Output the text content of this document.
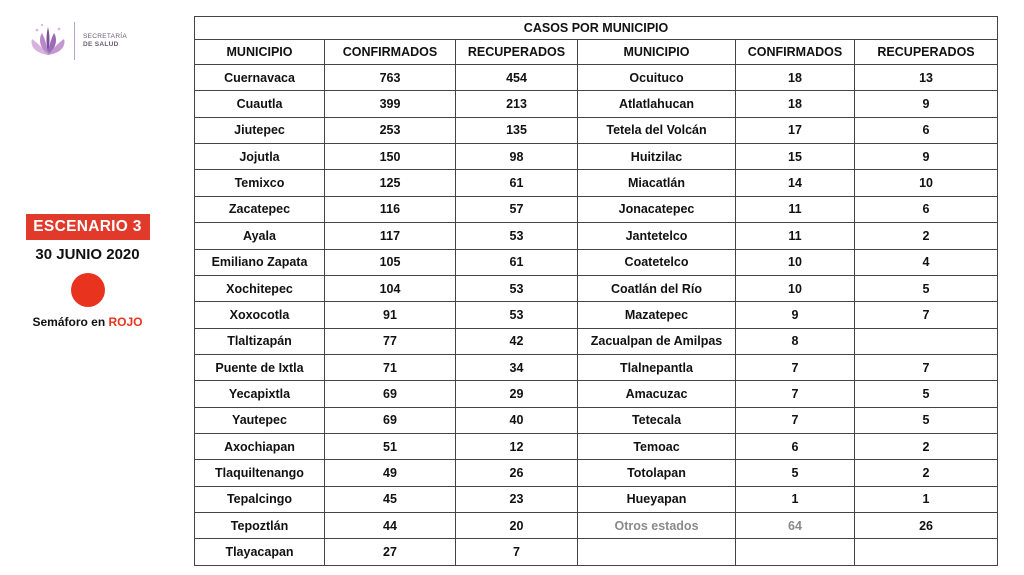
SECRETARÍA
DE SALUD
ESCENARIO 3
30 JUNIO 2020
Semáforo en ROJO
CASOS POR MUNICIPIO					
MUNICIPIO	CONFIRMADOS	RECUPERADOS	MUNICIPIO	CONFIRMADOS	RECUPERADOS
Cuernavaca	763	454	Ocuituco	18	13
Cuautla	399	213	Atlatlahucan	18	9
Jiutepec	253	135	Tetela del Volcán	17	6
Jojutla	150	98	Huitzilac	15	9
Temixco	125	61	Miacatlán	14	10
Zacatepec	116	57	Jonacatepec	11	6
Ayala	117	53	Jantetelco	11	2
Emiliano Zapata	105	61	Coatetelco	10	4
Xochitepec	104	53	Coatlán del Río	10	5
Xoxocotla	91	53	Mazatepec	9	7
Tlaltizapán	77	42	Zacualpan de Amilpas	8	
Puente de Ixtla	71	34	Tlalnepantla	7	7
Yecapixtla	69	29	Amacuzac	7	5
Yautepec	69	40	Tetecala	7	5
Axochiapan	51	12	Temoac	6	2
Tlaquiltenango	49	26	Totolapan	5	2
Tepalcingo	45	23	Hueyapan	1	1
Tepoztlán	44	20	Otros estados	64	26
Tlayacapan	27	7			
